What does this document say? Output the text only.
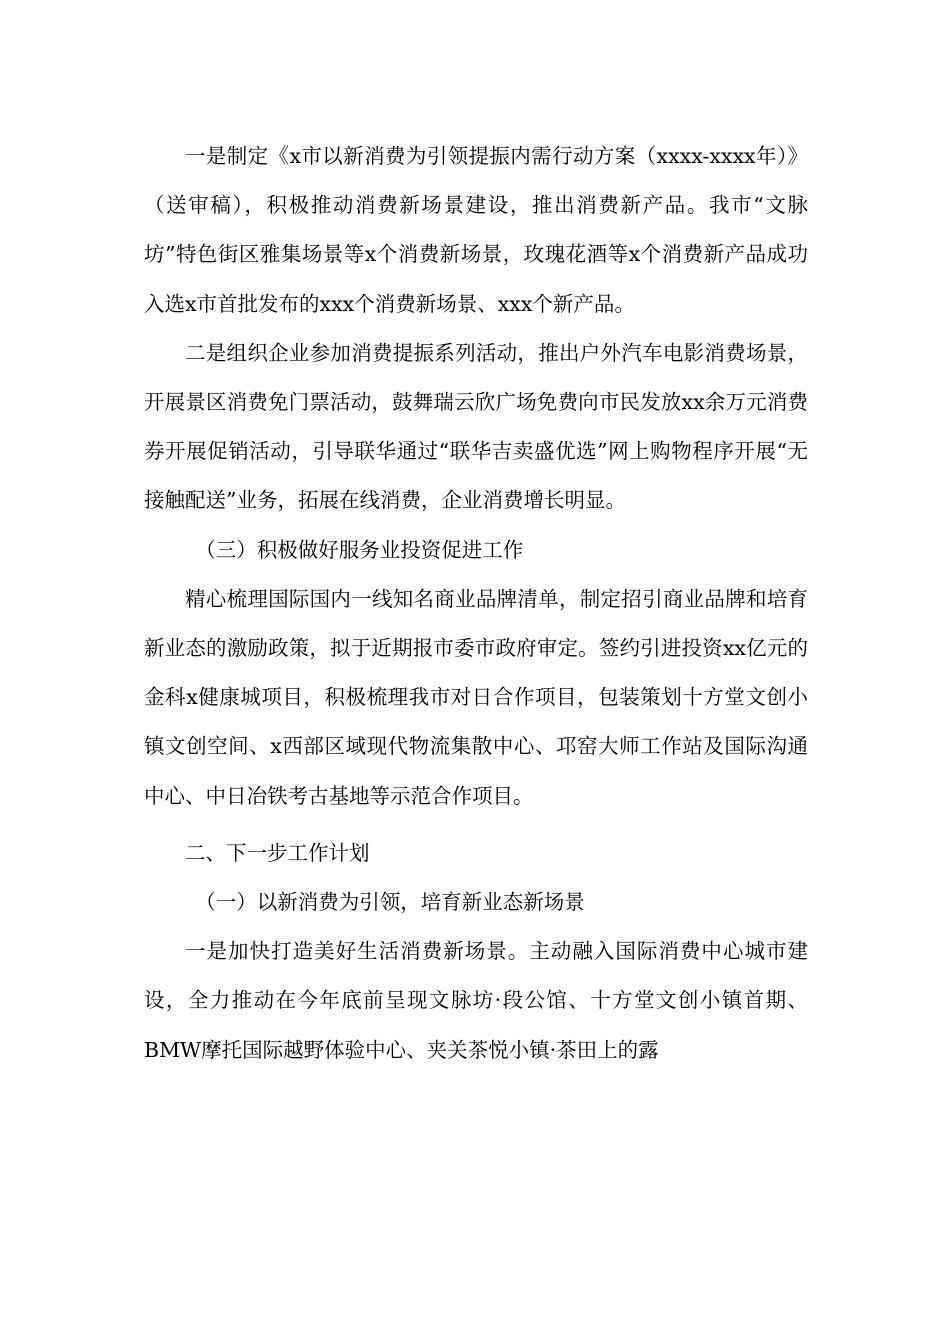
一是制定《x市以新消费为引领提振内需行动方案（xxxx-xxxx年）》（送审稿），积极推动消费新场景建设，推出消费新产品。我市“文脉坊”特色街区雅集场景等x个消费新场景，玫瑰花酒等x个消费新产品成功入选x市首批发布的xxx个消费新场景、xxx个新产品。

二是组织企业参加消费提振系列活动，推出户外汽车电影消费场景，开展景区消费免门票活动，鼓舞瑞云欣广场免费向市民发放xx余万元消费券开展促销活动，引导联华通过“联华吉卖盛优选”网上购物程序开展“无接触配送”业务，拓展在线消费，企业消费增长明显。

（三）积极做好服务业投资促进工作

精心梳理国际国内一线知名商业品牌清单，制定招引商业品牌和培育新业态的激励政策，拟于近期报市委市政府审定。签约引进投资xx亿元的金科x健康城项目，积极梳理我市对日合作项目，包装策划十方堂文创小镇文创空间、x西部区域现代物流集散中心、邛窑大师工作站及国际沟通中心、中日冶铁考古基地等示范合作项目。

二、下一步工作计划

（一）以新消费为引领，培育新业态新场景

一是加快打造美好生活消费新场景。主动融入国际消费中心城市建设，全力推动在今年底前呈现文脉坊·段公馆、十方堂文创小镇首期、BMW摩托国际越野体验中心、夹关茶悦小镇·茶田上的露
